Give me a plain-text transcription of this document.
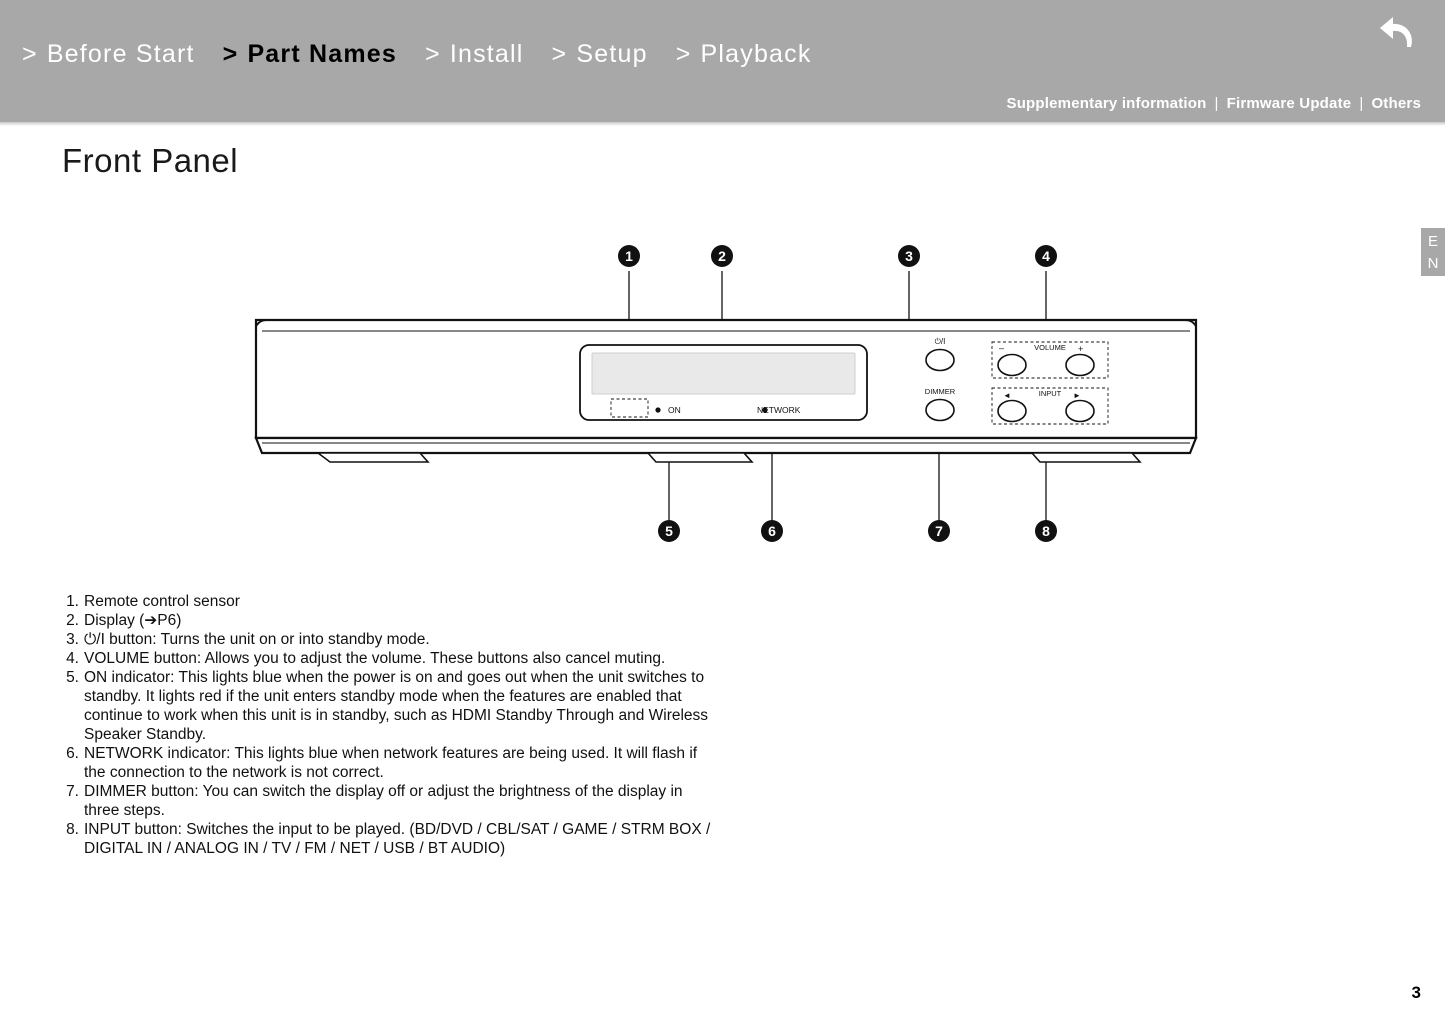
> Before Start > Part Names > Install > Setup > Playback
Supplementary information | Firmware Update | Others
E
N
Front Panel
ON	NETWORK
⏻/I
DIMMER
VOLUME
–	+
INPUT
◄	►
1	2	3	4
5	6	7	8
1. Remote control sensor
2. Display (➔P6)
3. ⏻/I button: Turns the unit on or into standby mode.
4. VOLUME button: Allows you to adjust the volume. These buttons also cancel muting.
5. ON indicator: This lights blue when the power is on and goes out when the unit switches to standby. It lights red if the unit enters standby mode when the features are enabled that continue to work when this unit is in standby, such as HDMI Standby Through and Wireless Speaker Standby.
6. NETWORK indicator: This lights blue when network features are being used. It will flash if the connection to the network is not correct.
7. DIMMER button: You can switch the display off or adjust the brightness of the display in three steps.
8. INPUT button: Switches the input to be played. (BD/DVD / CBL/SAT / GAME / STRM BOX / DIGITAL IN / ANALOG IN / TV / FM / NET / USB / BT AUDIO)
3
